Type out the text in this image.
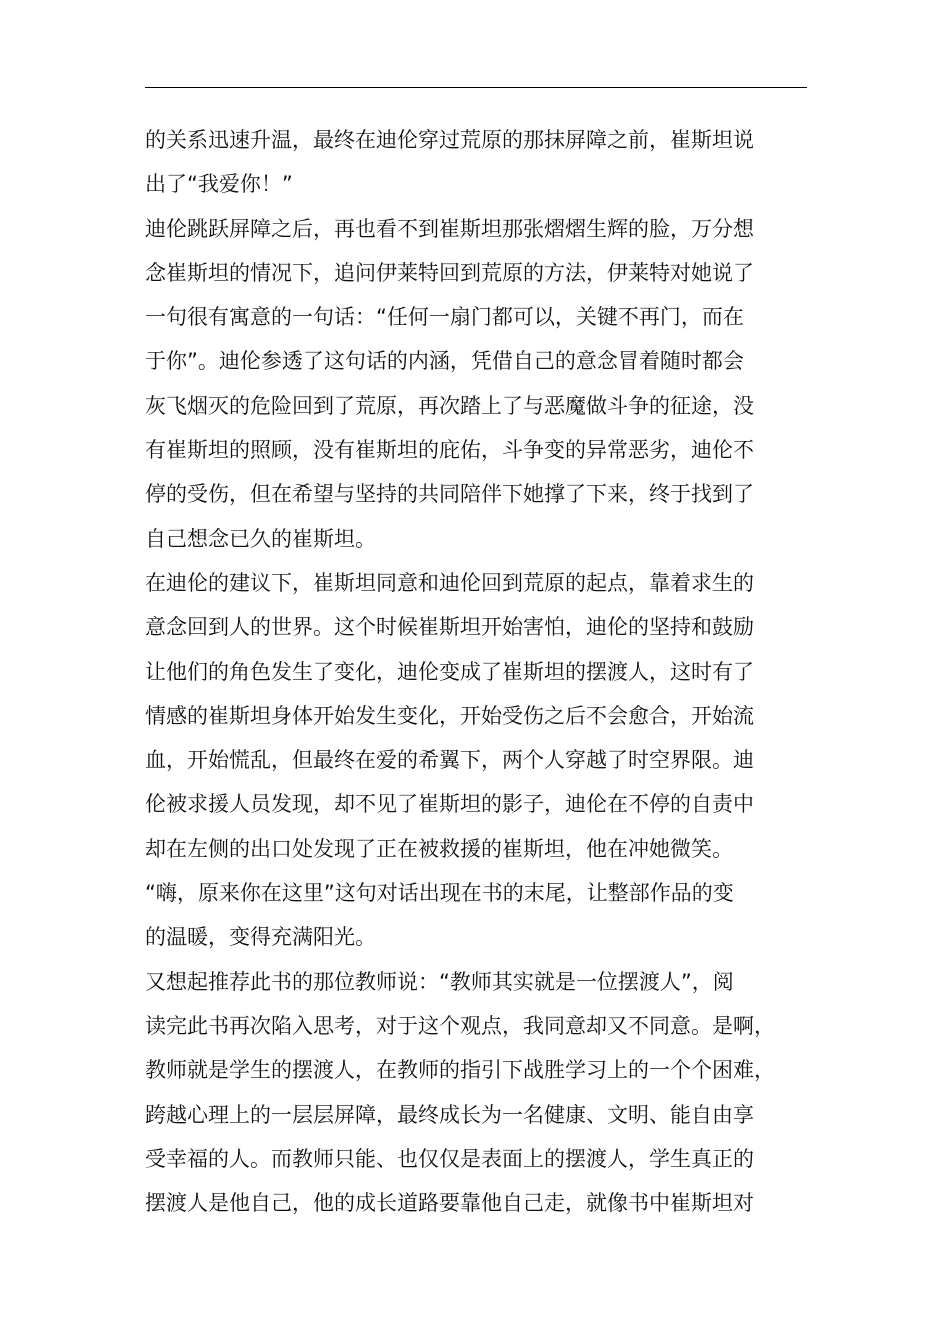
的关系迅速升温，最终在迪伦穿过荒原的那抹屏障之前，崔斯坦说
出了“我爱你！”
迪伦跳跃屏障之后，再也看不到崔斯坦那张熠熠生辉的脸，万分想
念崔斯坦的情况下，追问伊莱特回到荒原的方法，伊莱特对她说了
一句很有寓意的一句话：“任何一扇门都可以，关键不再门，而在
于你”。迪伦参透了这句话的内涵，凭借自己的意念冒着随时都会
灰飞烟灭的危险回到了荒原，再次踏上了与恶魔做斗争的征途，没
有崔斯坦的照顾，没有崔斯坦的庇佑，斗争变的异常恶劣，迪伦不
停的受伤，但在希望与坚持的共同陪伴下她撑了下来，终于找到了
自己想念已久的崔斯坦。
在迪伦的建议下，崔斯坦同意和迪伦回到荒原的起点，靠着求生的
意念回到人的世界。这个时候崔斯坦开始害怕，迪伦的坚持和鼓励
让他们的角色发生了变化，迪伦变成了崔斯坦的摆渡人，这时有了
情感的崔斯坦身体开始发生变化，开始受伤之后不会愈合，开始流
血，开始慌乱，但最终在爱的希翼下，两个人穿越了时空界限。迪
伦被求援人员发现，却不见了崔斯坦的影子，迪伦在不停的自责中
却在左侧的出口处发现了正在被救援的崔斯坦，他在冲她微笑。
“嗨，原来你在这里”这句对话出现在书的末尾，让整部作品的变
的温暖，变得充满阳光。
又想起推荐此书的那位教师说：“教师其实就是一位摆渡人”，阅
读完此书再次陷入思考，对于这个观点，我同意却又不同意。是啊，
教师就是学生的摆渡人，在教师的指引下战胜学习上的一个个困难，
跨越心理上的一层层屏障，最终成长为一名健康、文明、能自由享
受幸福的人。而教师只能、也仅仅是表面上的摆渡人，学生真正的
摆渡人是他自己，他的成长道路要靠他自己走，就像书中崔斯坦对
